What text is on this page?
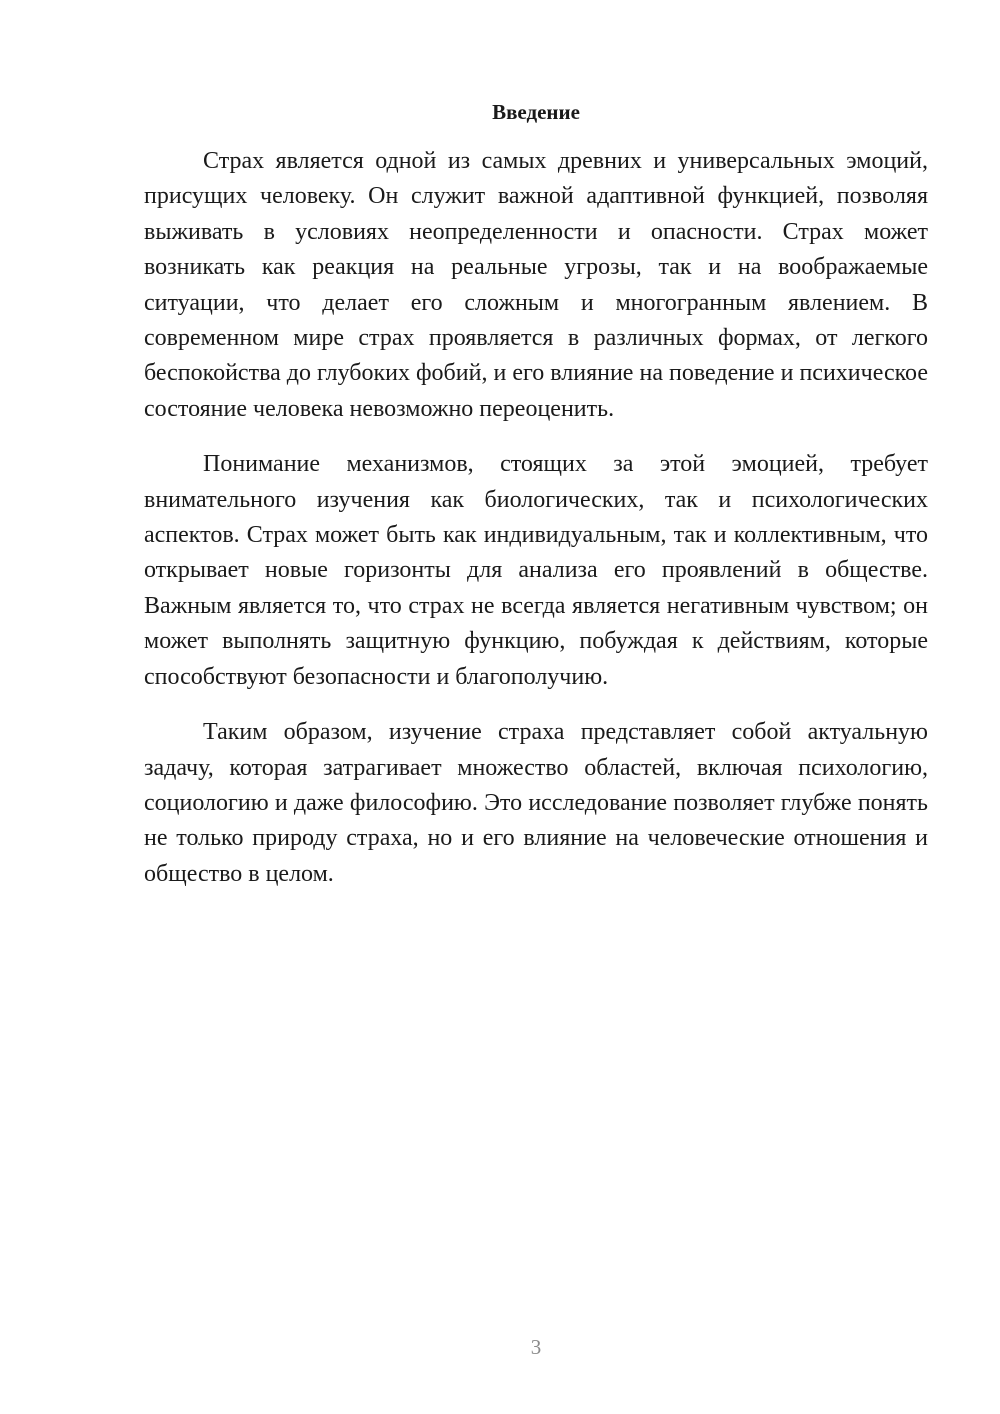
Введение

Страх является одной из самых древних и универсальных эмоций, присущих человеку. Он служит важной адаптивной функцией, позволяя выживать в условиях неопределенности и опасности. Страх может возникать как реакция на реальные угрозы, так и на воображаемые ситуации, что делает его сложным и многогранным явлением. В современном мире страх проявляется в различных формах, от легкого беспокойства до глубоких фобий, и его влияние на поведение и психическое состояние человека невозможно переоценить.

Понимание механизмов, стоящих за этой эмоцией, требует внимательного изучения как биологических, так и психологических аспектов. Страх может быть как индивидуальным, так и коллективным, что открывает новые горизонты для анализа его проявлений в обществе. Важным является то, что страх не всегда является негативным чувством; он может выполнять защитную функцию, побуждая к действиям, которые способствуют безопасности и благополучию.

Таким образом, изучение страха представляет собой актуальную задачу, которая затрагивает множество областей, включая психологию, социологию и даже философию. Это исследование позволяет глубже понять не только природу страха, но и его влияние на человеческие отношения и общество в целом.

3
